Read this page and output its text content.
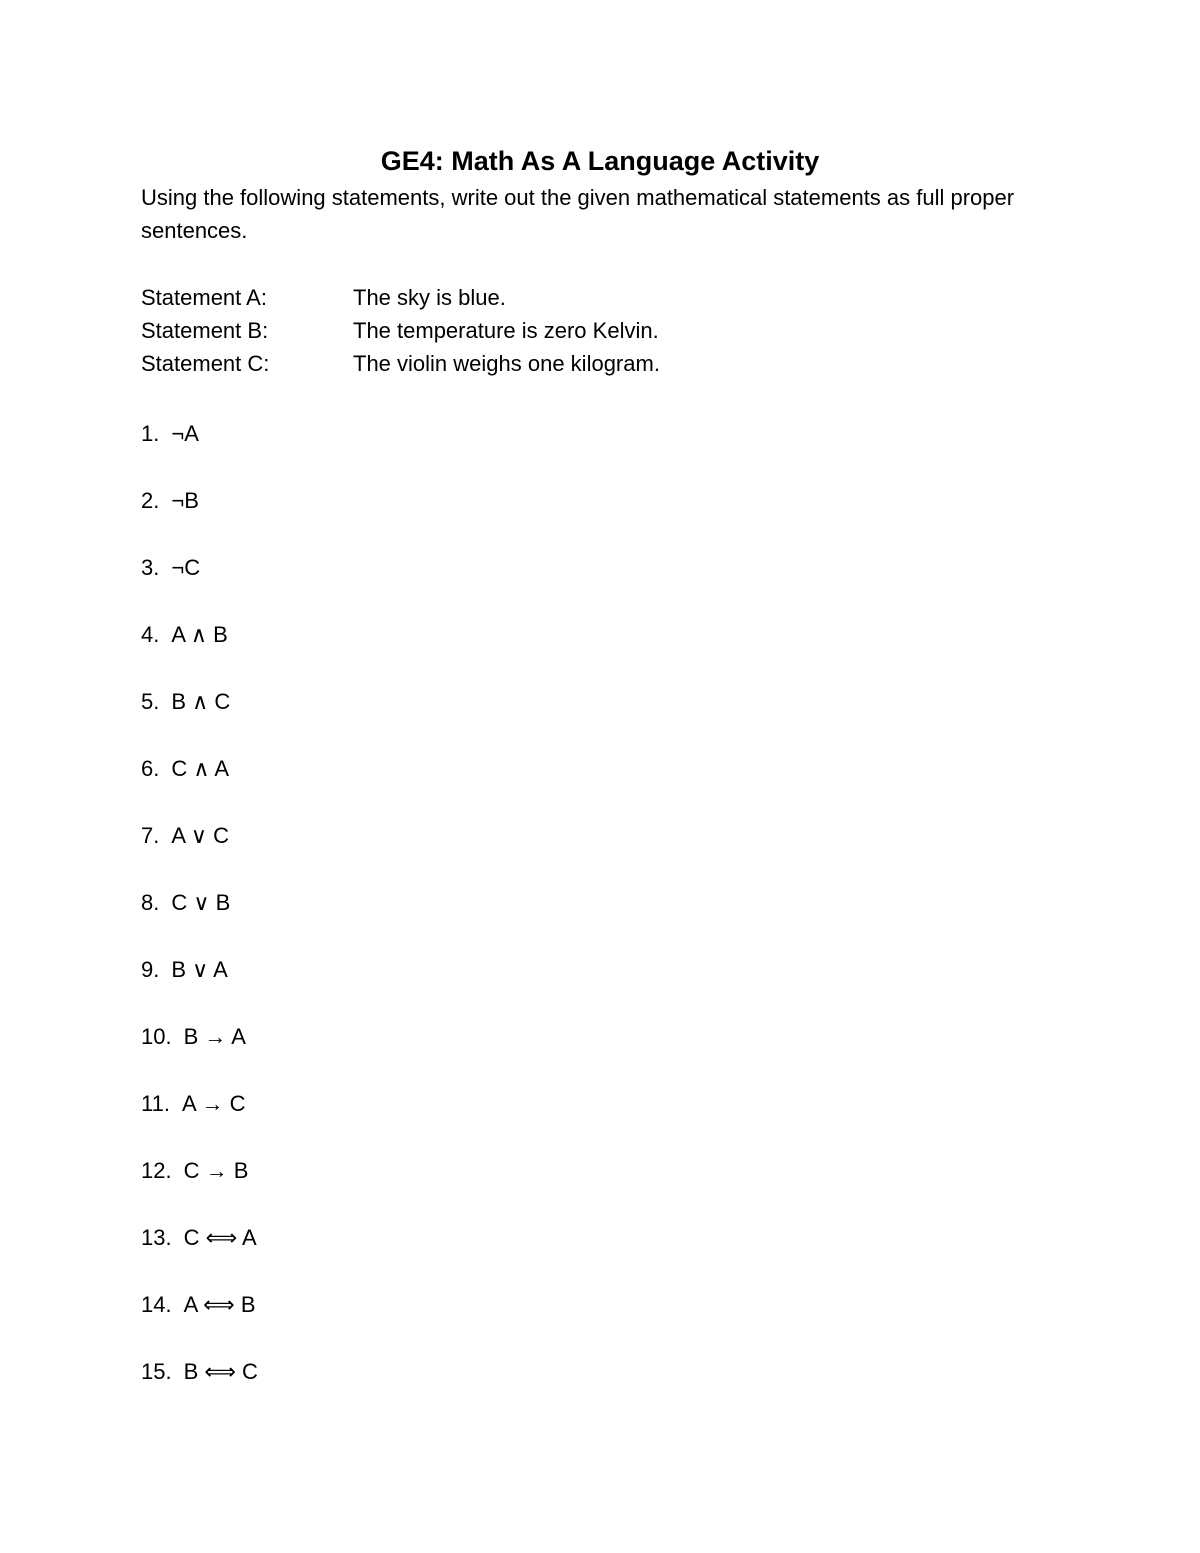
GE4: Math As A Language Activity
Using the following statements, write out the given mathematical statements as full proper sentences.
Statement A:	The sky is blue.
Statement B:	The temperature is zero Kelvin.
Statement C:	The violin weighs one kilogram.
1. ¬A
2. ¬B
3. ¬C
4. A ∧ B
5. B ∧ C
6. C ∧ A
7. A ∨ C
8. C ∨ B
9. B ∨ A
10. B → A
11. A → C
12. C → B
13. C ⟺ A
14. A ⟺ B
15. B ⟺ C
